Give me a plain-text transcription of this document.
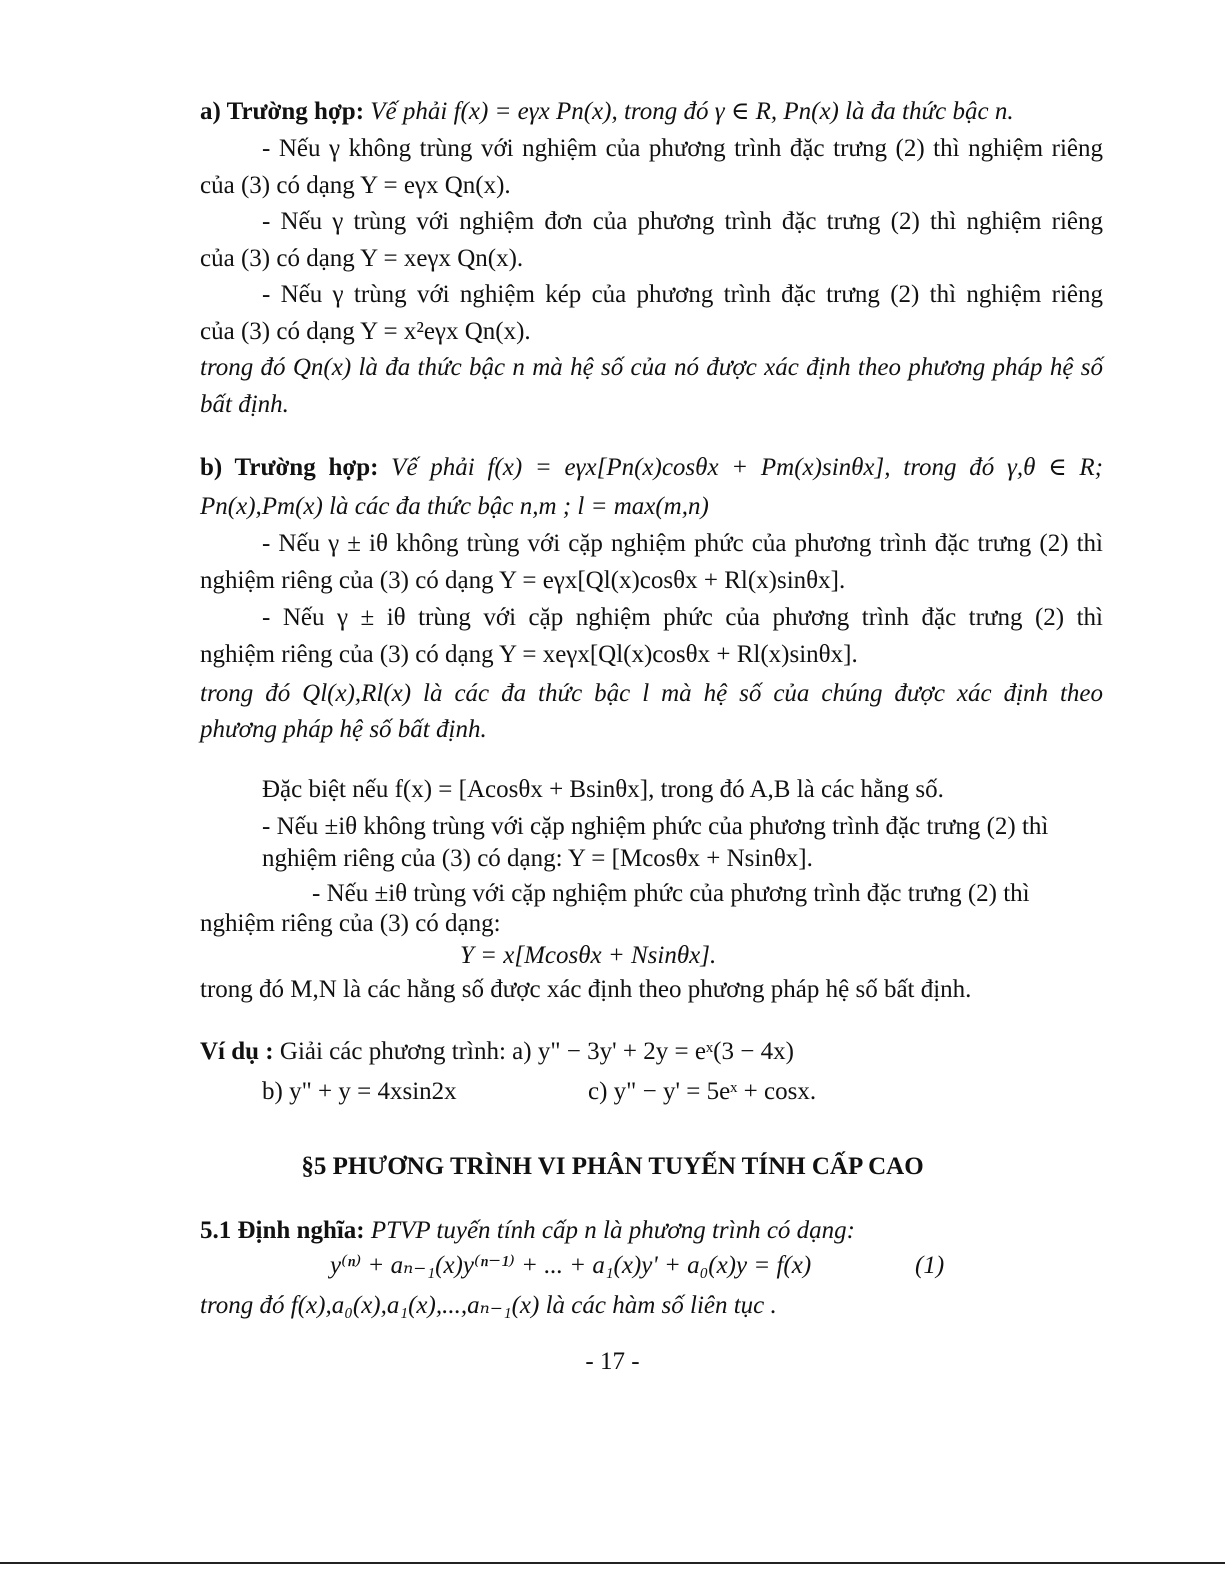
a) Trường hợp: Vế phải f(x) = eγx Pn(x), trong đó γ ∈ R, Pn(x) là đa thức bậc n.
- Nếu γ không trùng với nghiệm của phương trình đặc trưng (2) thì nghiệm riêng
của (3) có dạng Y = eγx Qn(x).
- Nếu γ trùng với nghiệm đơn của phương trình đặc trưng (2) thì nghiệm riêng
của (3) có dạng Y = xeγx Qn(x).
- Nếu γ trùng với nghiệm kép của phương trình đặc trưng (2) thì nghiệm riêng
của (3) có dạng Y = x²eγx Qn(x).
trong đó Qn(x) là đa thức bậc n mà hệ số của nó được xác định theo phương pháp hệ số
bất định.
b) Trường hợp: Vế phải f(x) = eγx[Pn(x)cosθx + Pm(x)sinθx], trong đó γ,θ ∈ R;
Pn(x),Pm(x) là các đa thức bậc n,m ; l = max(m,n)
- Nếu γ ± iθ không trùng với cặp nghiệm phức của phương trình đặc trưng (2) thì
nghiệm riêng của (3) có dạng Y = eγx[Ql(x)cosθx + Rl(x)sinθx].
- Nếu γ ± iθ trùng với cặp nghiệm phức của phương trình đặc trưng (2) thì
nghiệm riêng của (3) có dạng Y = xeγx[Ql(x)cosθx + Rl(x)sinθx].
trong đó Ql(x),Rl(x) là các đa thức bậc l mà hệ số của chúng được xác định theo
phương pháp hệ số bất định.
Đặc biệt nếu f(x) = [Acosθx + Bsinθx], trong đó A,B là các hằng số.
- Nếu ±iθ không trùng với cặp nghiệm phức của phương trình đặc trưng (2) thì
nghiệm riêng của (3) có dạng: Y = [Mcosθx + Nsinθx].
- Nếu ±iθ trùng với cặp nghiệm phức của phương trình đặc trưng (2) thì
nghiệm riêng của (3) có dạng:
Y = x[Mcosθx + Nsinθx].
trong đó M,N là các hằng số được xác định theo phương pháp hệ số bất định.
Ví dụ : Giải các phương trình: a) y" − 3y' + 2y = eˣ(3 − 4x)
b) y" + y = 4xsin2x	c) y" − y' = 5eˣ + cosx.
§5 PHƯƠNG TRÌNH VI PHÂN TUYẾN TÍNH CẤP CAO
5.1 Định nghĩa: PTVP tuyến tính cấp n là phương trình có dạng:
y⁽ⁿ⁾ + aₙ₋₁(x)y⁽ⁿ⁻¹⁾ + ... + a₁(x)y' + a₀(x)y = f(x)	(1)
trong đó f(x),a₀(x),a₁(x),...,aₙ₋₁(x) là các hàm số liên tục .
- 17 -
